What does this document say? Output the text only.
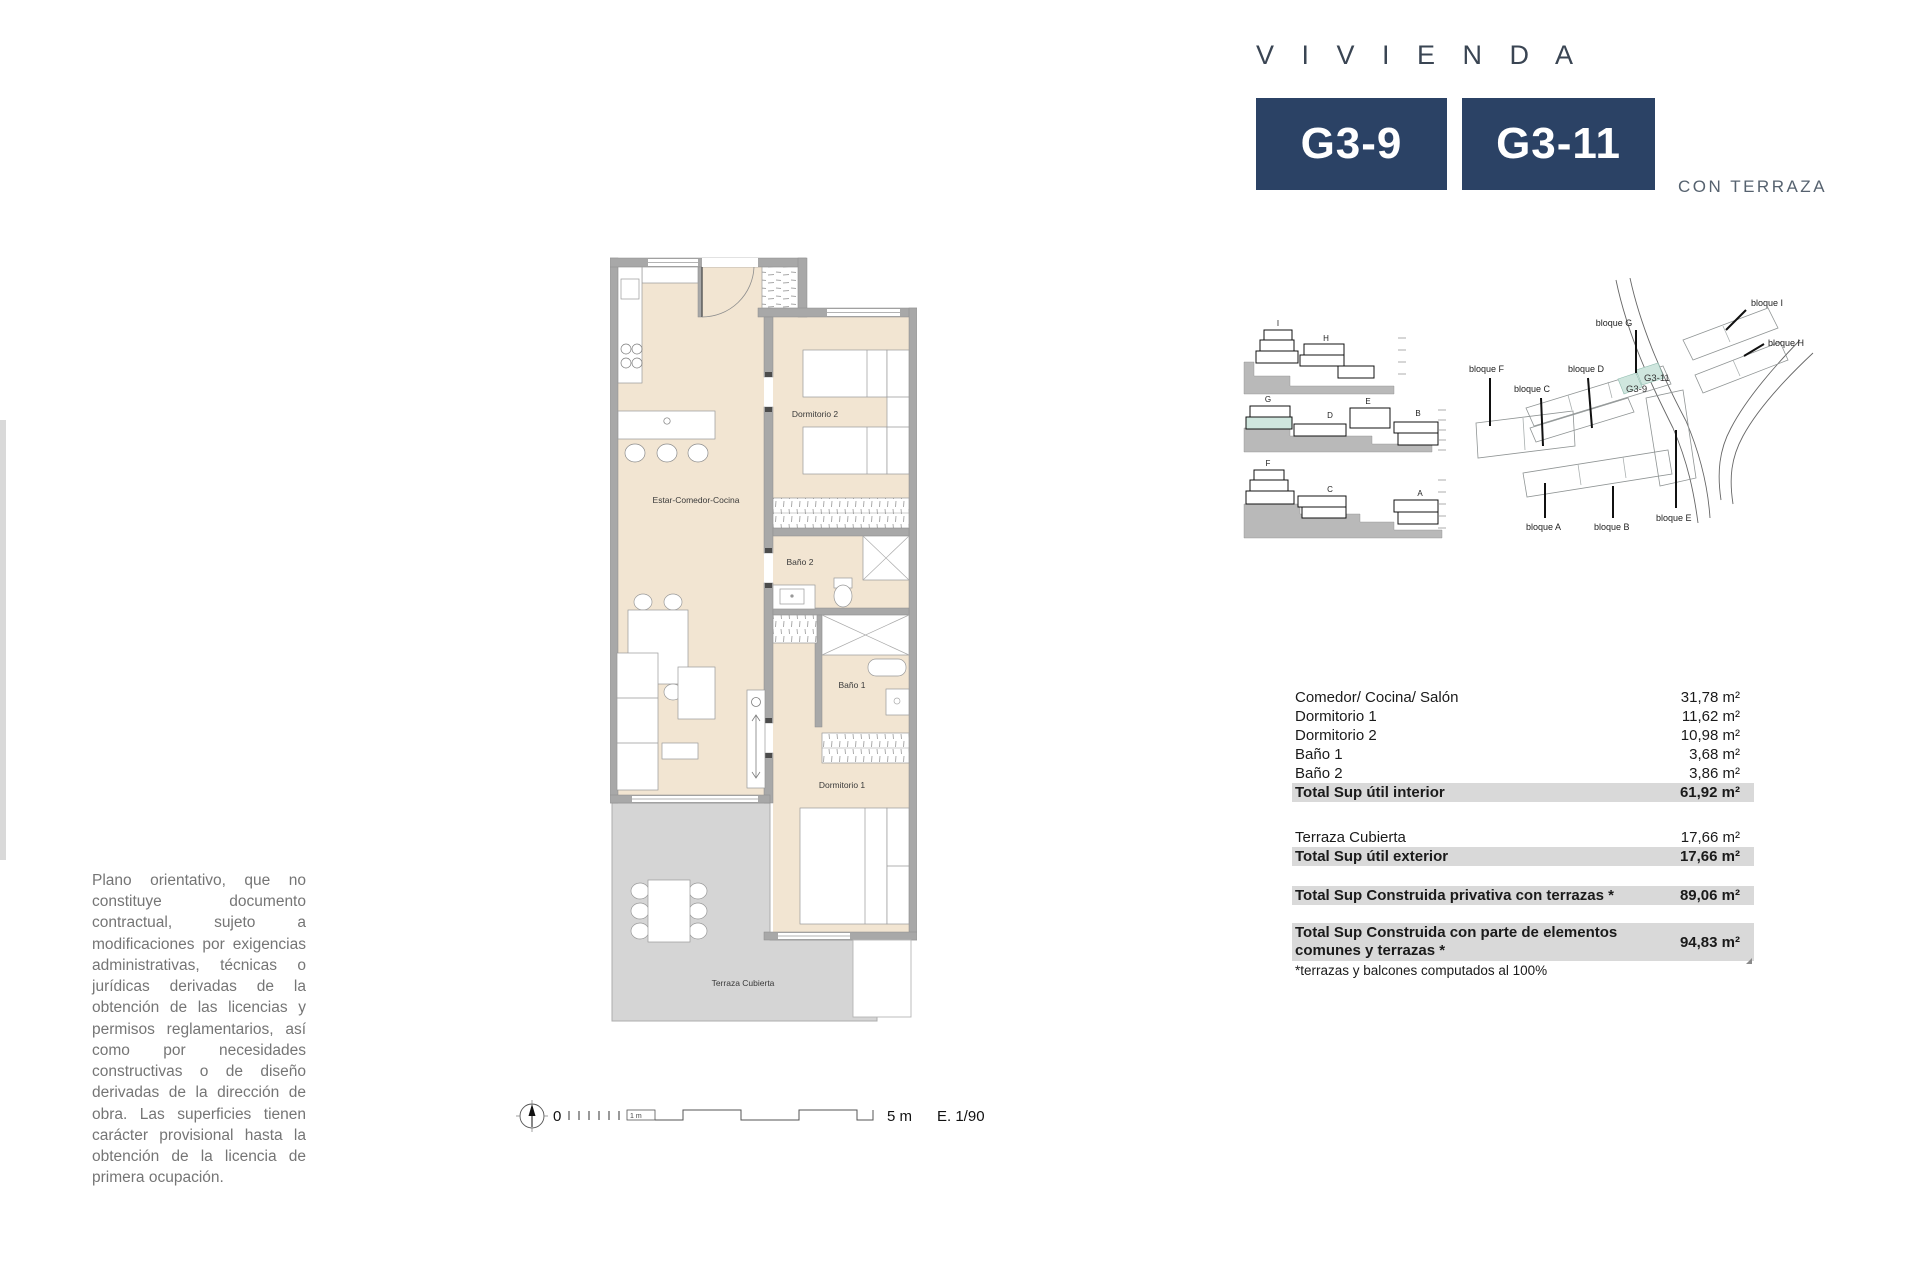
V I V I E N D A
G3-9 G3-11
CON TERRAZA
Estar-Comedor-Cocina
Dormitorio 2
Baño 2
Baño 1
Dormitorio 1
Terraza Cubierta
0	1 m	5 m E. 1/90
I
H
G
D
E
B
F
C	A
bloque I
bloque H
bloque G
bloque F	bloque D
bloque C
bloque A	bloque B
bloque E
G3-11
G3-9
Comedor/ Cocina/ Salón	31,78 m²
Dormitorio 1	11,62 m²
Dormitorio 2	10,98 m²
Baño 1	3,68 m²
Baño 2	3,86 m²
Total Sup útil interior	61,92 m²
Terraza Cubierta	17,66 m²
Total Sup útil exterior	17,66 m²
Total Sup Construida privativa con terrazas *	89,06 m²
Total Sup Construida con parte de elementos comunes y terrazas *	94,83 m²
*terrazas y balcones computados al 100%
Plano orientativo, que no constituye documento contractual, sujeto a modificaciones por exigencias administrativas, técnicas o jurídicas derivadas de la obtención de las licencias y permisos reglamentarios, así como por necesidades constructivas o de diseño derivadas de la dirección de obra. Las superficies tienen carácter provisional hasta la obtención de la licencia de primera ocupación.
